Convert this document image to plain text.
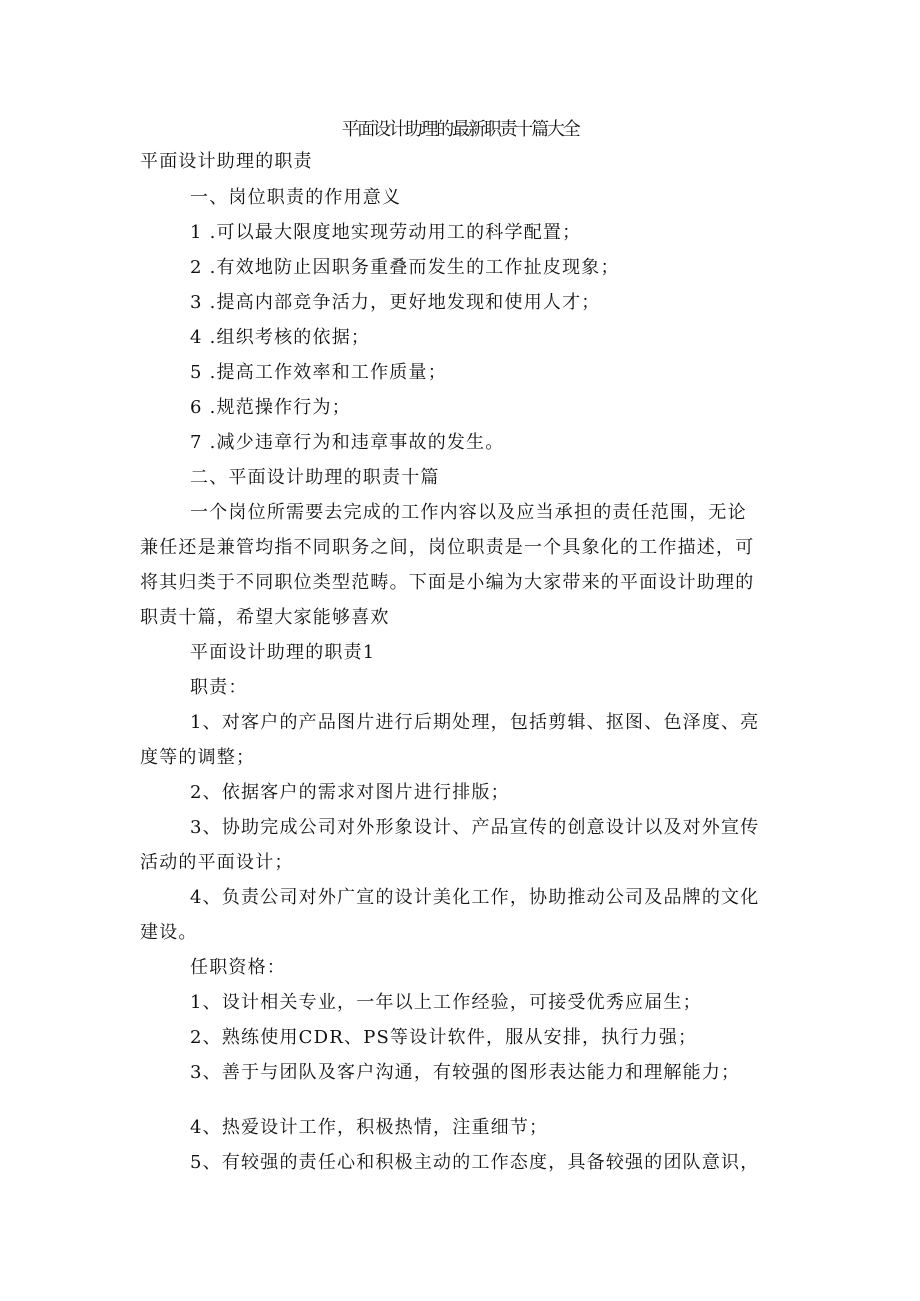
平面设计助理的最新职责十篇大全
平面设计助理的职责
一、岗位职责的作用意义
1 .可以最大限度地实现劳动用工的科学配置；
2 .有效地防止因职务重叠而发生的工作扯皮现象；
3 .提高内部竞争活力，更好地发现和使用人才；
4 .组织考核的依据；
5 .提高工作效率和工作质量；
6 .规范操作行为；
7 .减少违章行为和违章事故的发生。
二、平面设计助理的职责十篇
一个岗位所需要去完成的工作内容以及应当承担的责任范围，无论
兼任还是兼管均指不同职务之间，岗位职责是一个具象化的工作描述，可
将其归类于不同职位类型范畴。下面是小编为大家带来的平面设计助理的
职责十篇，希望大家能够喜欢
平面设计助理的职责1
职责：
1、对客户的产品图片进行后期处理，包括剪辑、抠图、色泽度、亮
度等的调整；
2、依据客户的需求对图片进行排版；
3、协助完成公司对外形象设计、产品宣传的创意设计以及对外宣传
活动的平面设计；
4、负责公司对外广宣的设计美化工作，协助推动公司及品牌的文化
建设。
任职资格：
1、设计相关专业，一年以上工作经验，可接受优秀应届生；
2、熟练使用CDR、PS等设计软件，服从安排，执行力强；
3、善于与团队及客户沟通，有较强的图形表达能力和理解能力；
4、热爱设计工作，积极热情，注重细节；
5、有较强的责任心和积极主动的工作态度，具备较强的团队意识，
